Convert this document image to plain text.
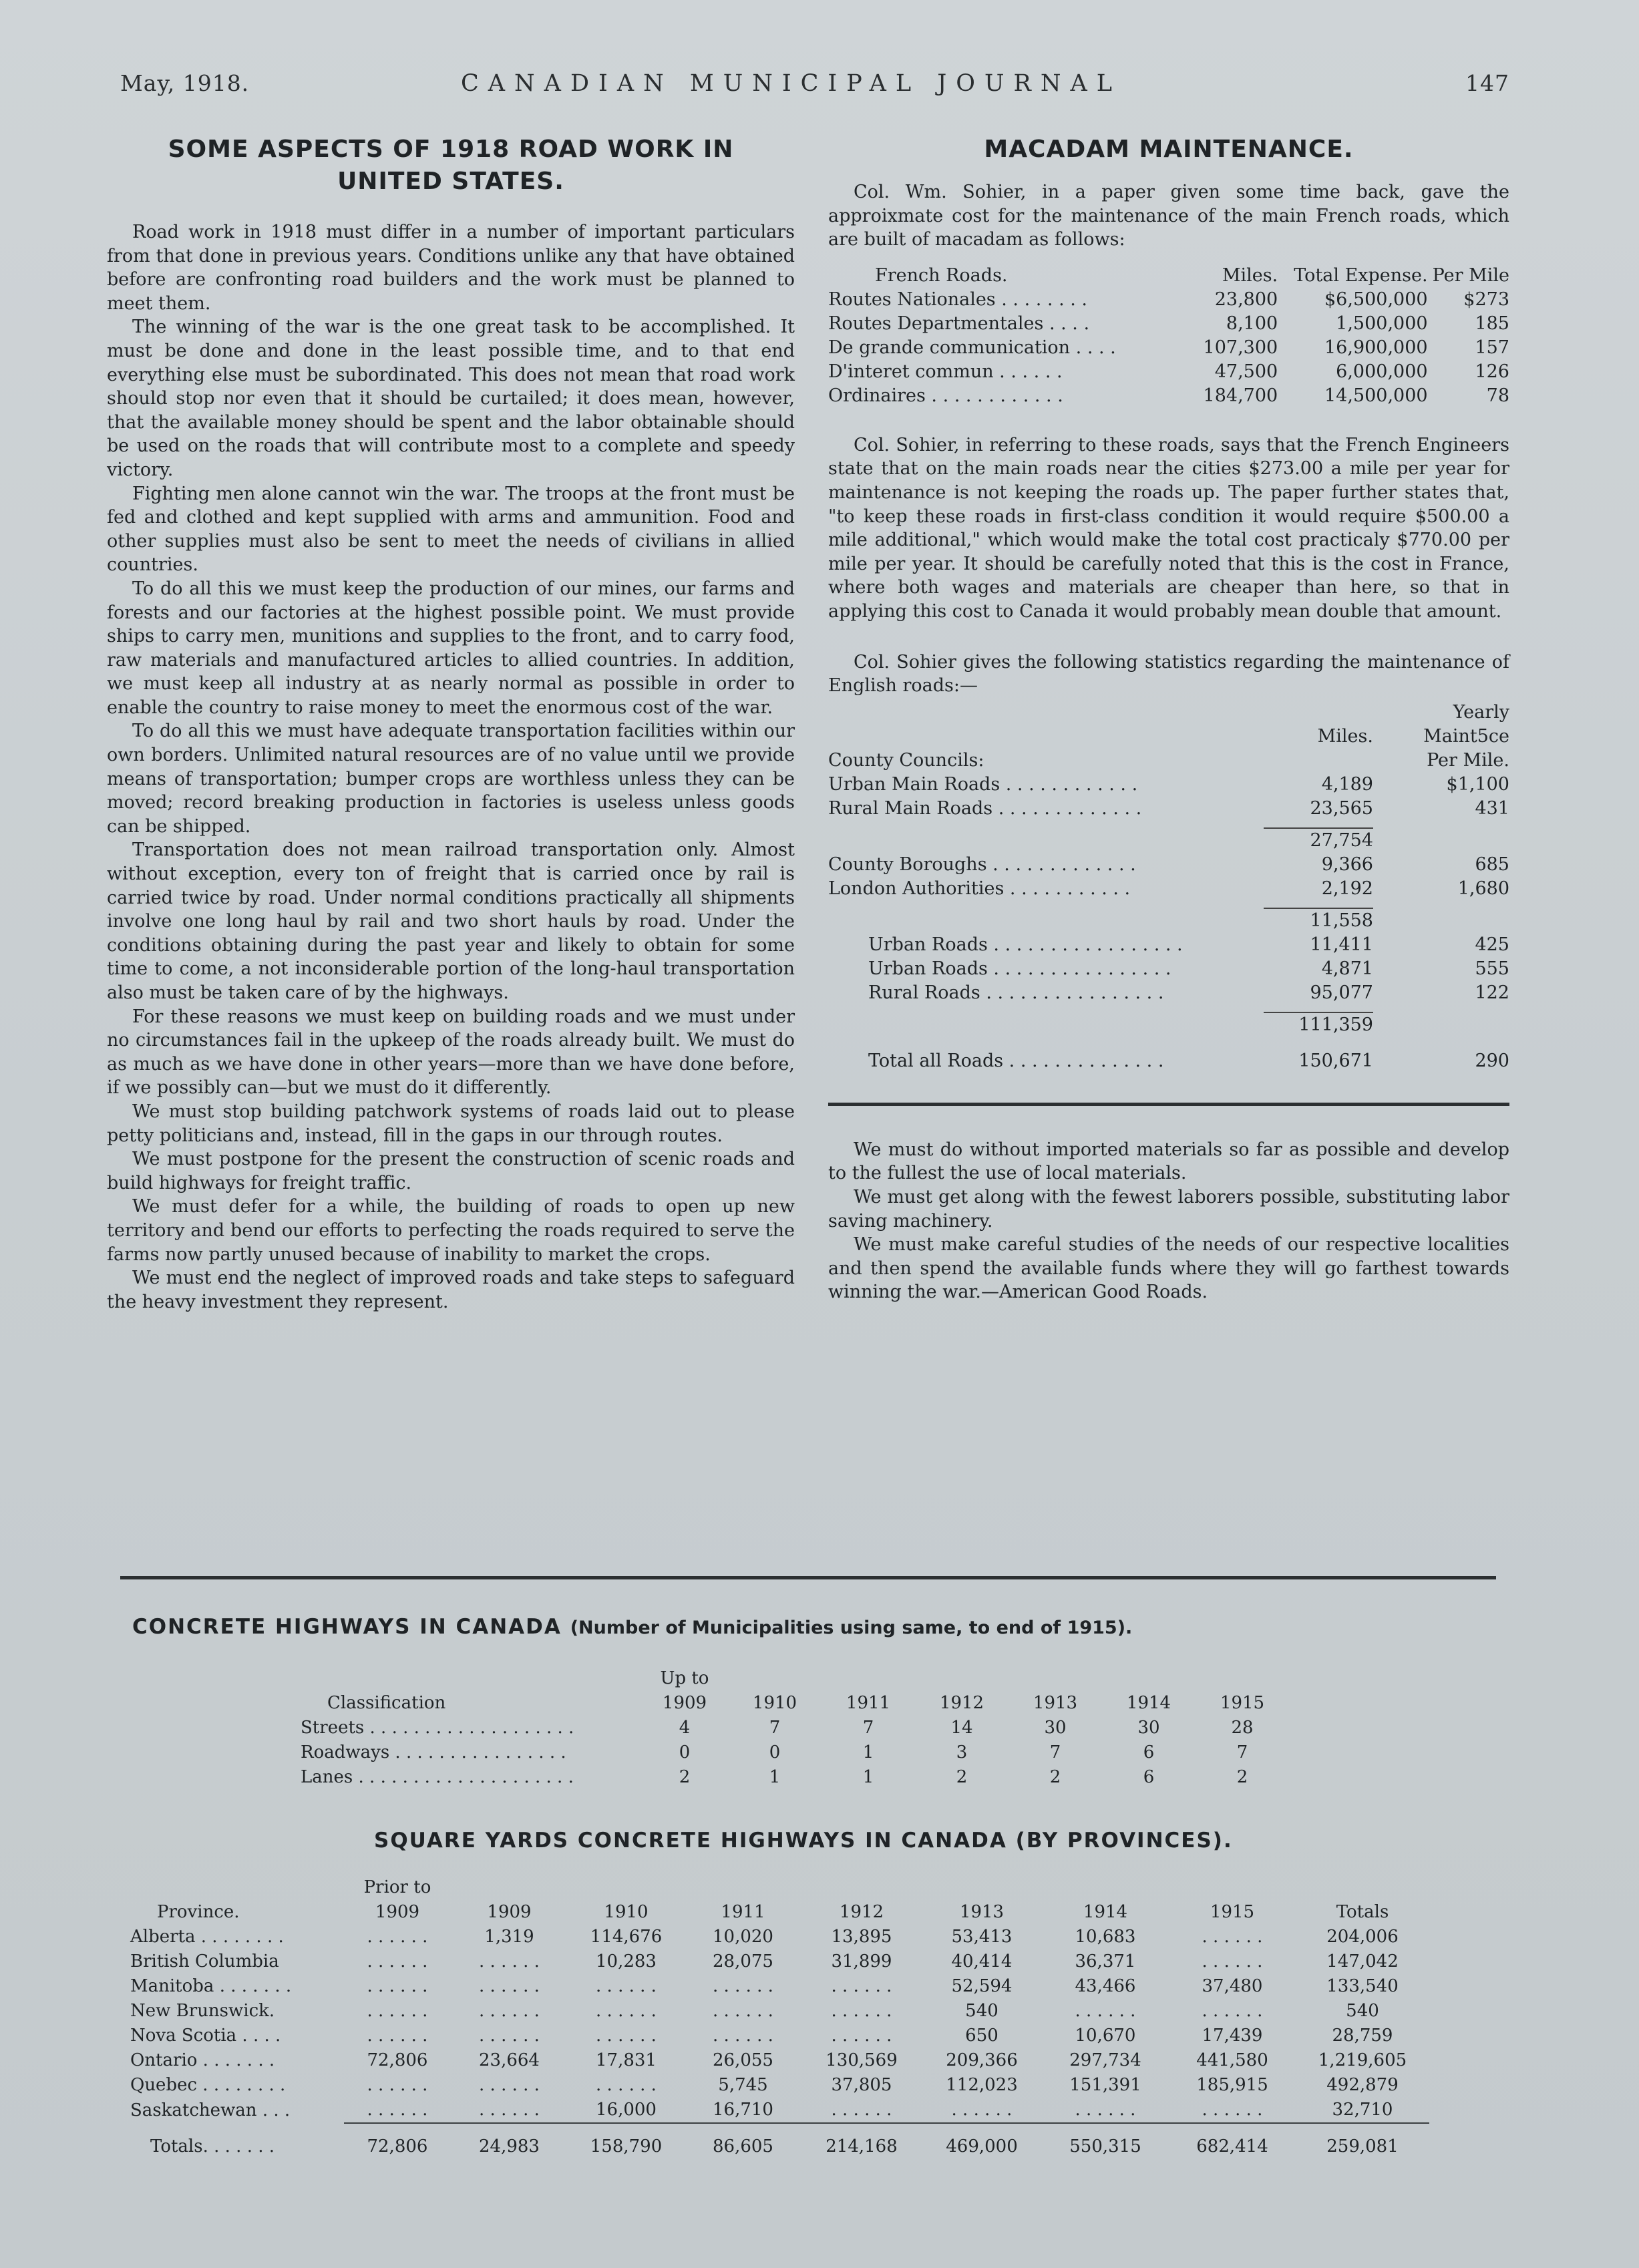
May, 1918.	CANADIAN MUNICIPAL JOURNAL	147
SOME ASPECTS OF 1918 ROAD WORK IN
UNITED STATES.

Road work in 1918 must differ in a number of important particulars from that done in previous years. Conditions unlike any that have obtained before are confronting road builders and the work must be planned to meet them.

The winning of the war is the one great task to be accomplished. It must be done and done in the least possible time, and to that end everything else must be subordinated. This does not mean that road work should stop nor even that it should be curtailed; it does mean, however, that the available money should be spent and the labor obtainable should be used on the roads that will contribute most to a complete and speedy victory.

Fighting men alone cannot win the war. The troops at the front must be fed and clothed and kept supplied with arms and ammunition. Food and other supplies must also be sent to meet the needs of civilians in allied countries.

To do all this we must keep the production of our mines, our farms and forests and our factories at the highest possible point. We must provide ships to carry men, munitions and supplies to the front, and to carry food, raw materials and manufactured articles to allied countries. In addition, we must keep all industry at as nearly normal as possible in order to enable the country to raise money to meet the enormous cost of the war.

To do all this we must have adequate transportation facilities within our own borders. Unlimited natural resources are of no value until we provide means of transportation; bumper crops are worthless unless they can be moved; record breaking production in factories is useless unless goods can be shipped.

Transportation does not mean railroad transportation only. Almost without exception, every ton of freight that is carried once by rail is carried twice by road. Under normal conditions practically all shipments involve one long haul by rail and two short hauls by road. Under the conditions obtaining during the past year and likely to obtain for some time to come, a not inconsiderable portion of the long-haul transportation also must be taken care of by the highways.

For these reasons we must keep on building roads and we must under no circumstances fail in the upkeep of the roads already built. We must do as much as we have done in other years—more than we have done before, if we possibly can—but we must do it differently.

We must stop building patchwork systems of roads laid out to please petty politicians and, instead, fill in the gaps in our through routes.

We must postpone for the present the construction of scenic roads and build highways for freight traffic.

We must defer for a while, the building of roads to open up new territory and bend our efforts to perfecting the roads required to serve the farms now partly unused because of inability to market the crops.

We must end the neglect of improved roads and take steps to safeguard the heavy investment they represent.

MACADAM MAINTENANCE.

Col. Wm. Sohier, in a paper given some time back, gave the approixmate cost for the maintenance of the main French roads, which are built of macadam as follows:

French Roads.	Miles.	Total Expense.	Per Mile
Routes Nationales . . . . . . . .	23,800	$6,500,000	$273
Routes Departmentales . . . .	8,100	1,500,000	185
De grande communication . . . .	107,300	16,900,000	157
D'interet commun . . . . . .	47,500	6,000,000	126
Ordinaires . . . . . . . . . . . .	184,700	14,500,000	78

Col. Sohier, in referring to these roads, says that the French Engineers state that on the main roads near the cities $273.00 a mile per year for maintenance is not keeping the roads up. The paper further states that, "to keep these roads in first-class condition it would require $500.00 a mile additional," which would make the total cost practicaly $770.00 per mile per year. It should be carefully noted that this is the cost in France, where both wages and materials are cheaper than here, so that in applying this cost to Canada it would probably mean double that amount.

Col. Sohier gives the following statistics regarding the maintenance of English roads:—

		Yearly
	Miles.	Maint5ce
County Councils:		Per Mile.
Urban Main Roads . . . . . . . . . . . .	4,189	$1,100
Rural Main Roads . . . . . . . . . . . . .	23,565	431

	27,754	
County Boroughs . . . . . . . . . . . . .	9,366	685
London Authorities . . . . . . . . . . .	2,192	1,680

	11,558	
Urban Roads . . . . . . . . . . . . . . . . .	11,411	425
Urban Roads . . . . . . . . . . . . . . . .	4,871	555
Rural Roads . . . . . . . . . . . . . . . .	95,077	122

	111,359	
Total all Roads . . . . . . . . . . . . . .	150,671	290

We must do without imported materials so far as possible and develop to the fullest the use of local materials.

We must get along with the fewest laborers possible, substituting labor saving machinery.

We must make careful studies of the needs of our respective localities and then spend the available funds where they will go farthest towards winning the war.—American Good Roads.

CONCRETE HIGHWAYS IN CANADA (Number of Municipalities using same, to end of 1915).
	Up to						
Classification	1909	1910	1911	1912	1913	1914	1915
Streets . . . . . . . . . . . . . . . . . . .	4	7	7	14	30	30	28
Roadways . . . . . . . . . . . . . . . .	0	0	1	3	7	6	7
Lanes . . . . . . . . . . . . . . . . . . . .	2	1	1	2	2	6	2
SQUARE YARDS CONCRETE HIGHWAYS IN CANADA (BY PROVINCES).
	Prior to								
Province.	1909	1909	1910	1911	1912	1913	1914	1915	Totals
Alberta . . . . . . . .	. . . . . .	1,319	114,676	10,020	13,895	53,413	10,683	. . . . . .	204,006
British Columbia	. . . . . .	. . . . . .	10,283	28,075	31,899	40,414	36,371	. . . . . .	147,042
Manitoba . . . . . . .	. . . . . .	. . . . . .	. . . . . .	. . . . . .	. . . . . .	52,594	43,466	37,480	133,540
New Brunswick.	. . . . . .	. . . . . .	. . . . . .	. . . . . .	. . . . . .	540	. . . . . .	. . . . . .	540
Nova Scotia . . . .	. . . . . .	. . . . . .	. . . . . .	. . . . . .	. . . . . .	650	10,670	17,439	28,759
Ontario . . . . . . .	72,806	23,664	17,831	26,055	130,569	209,366	297,734	441,580	1,219,605
Quebec . . . . . . . .	. . . . . .	. . . . . .	. . . . . .	5,745	37,805	112,023	151,391	185,915	492,879
Saskatchewan . . .	. . . . . .	. . . . . .	16,000	16,710	. . . . . .	. . . . . .	. . . . . .	. . . . . .	32,710

Totals. . . . . . .	72,806	24,983	158,790	86,605	214,168	469,000	550,315	682,414	259,081
